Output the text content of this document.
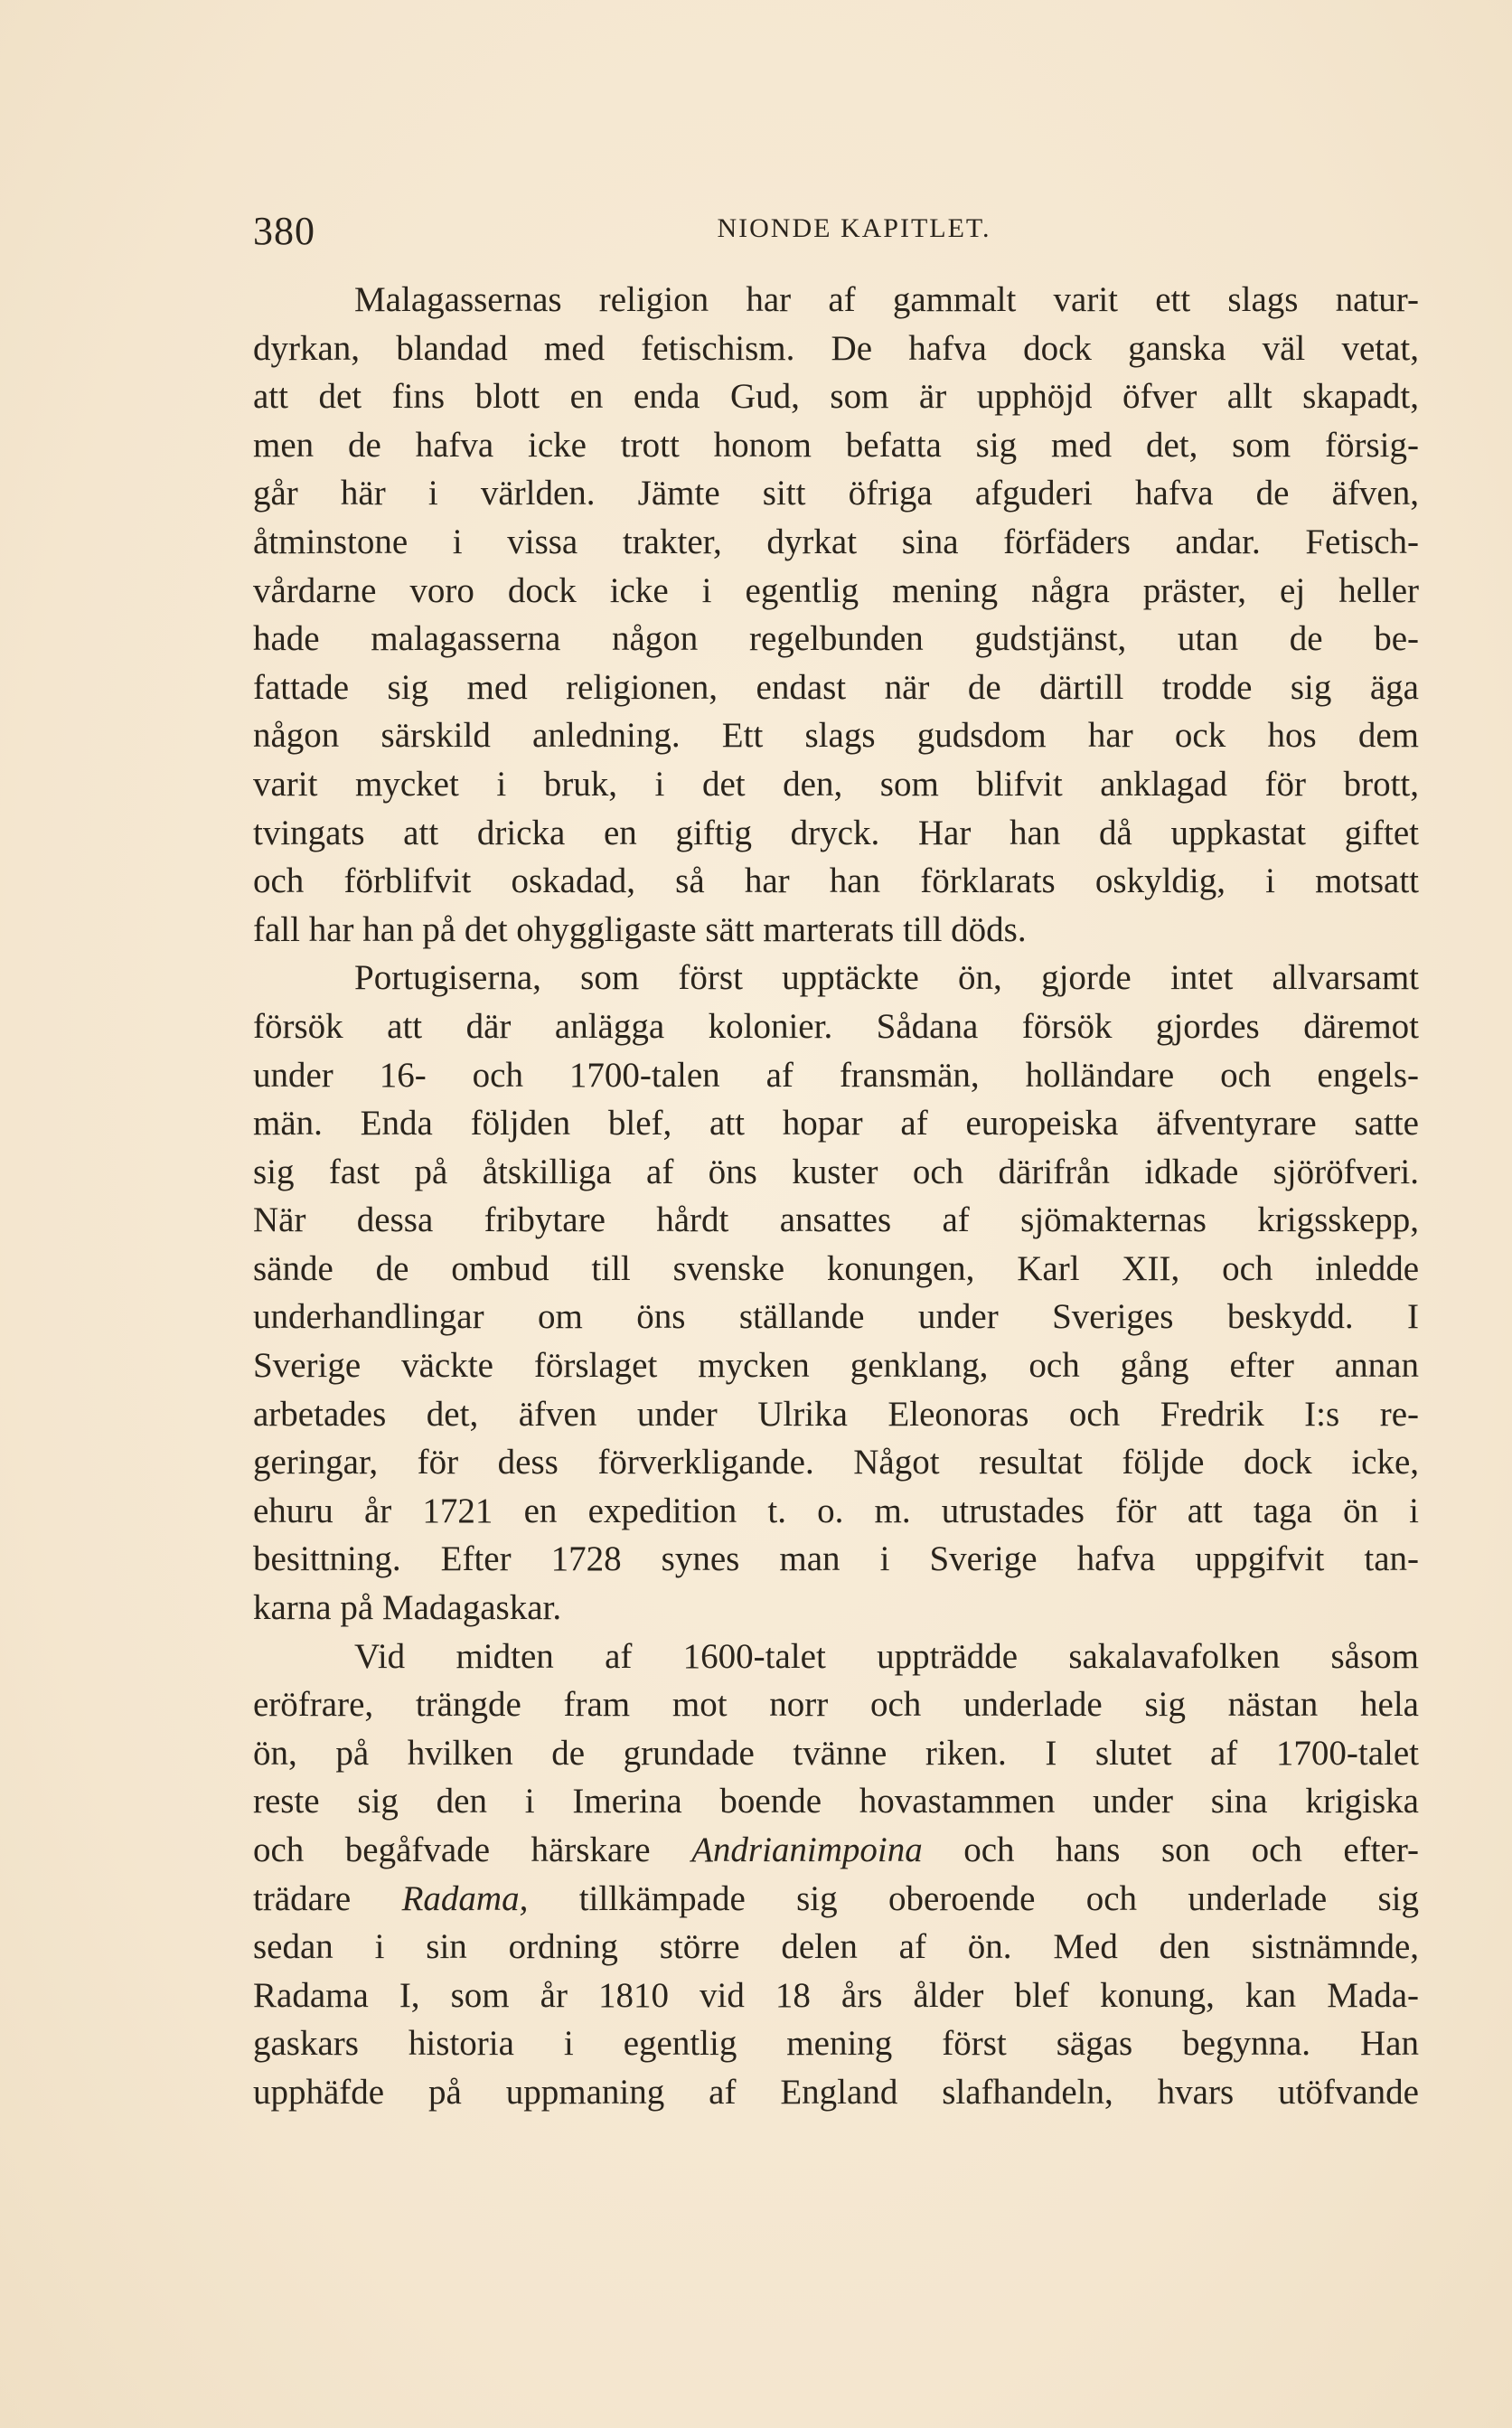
380	NIONDE KAPITLET.
Malagassernas religion har af gammalt varit ett slags natur-
dyrkan, blandad med fetischism. De hafva dock ganska väl vetat,
att det fins blott en enda Gud, som är upphöjd öfver allt skapadt,
men de hafva icke trott honom befatta sig med det, som försig-
går här i världen. Jämte sitt öfriga afguderi hafva de äfven,
åtminstone i vissa trakter, dyrkat sina förfäders andar. Fetisch-
vårdarne voro dock icke i egentlig mening några präster, ej heller
hade malagasserna någon regelbunden gudstjänst, utan de be-
fattade sig med religionen, endast när de därtill trodde sig äga
någon särskild anledning. Ett slags gudsdom har ock hos dem
varit mycket i bruk, i det den, som blifvit anklagad för brott,
tvingats att dricka en giftig dryck. Har han då uppkastat giftet
och förblifvit oskadad, så har han förklarats oskyldig, i motsatt
fall har han på det ohyggligaste sätt marterats till döds.
Portugiserna, som först upptäckte ön, gjorde intet allvarsamt
försök att där anlägga kolonier. Sådana försök gjordes däremot
under 16- och 1700-talen af fransmän, holländare och engels-
män. Enda följden blef, att hopar af europeiska äfventyrare satte
sig fast på åtskilliga af öns kuster och därifrån idkade sjöröfveri.
När dessa fribytare hårdt ansattes af sjömakternas krigsskepp,
sände de ombud till svenske konungen, Karl XII, och inledde
underhandlingar om öns ställande under Sveriges beskydd. I
Sverige väckte förslaget mycken genklang, och gång efter annan
arbetades det, äfven under Ulrika Eleonoras och Fredrik I:s re-
geringar, för dess förverkligande. Något resultat följde dock icke,
ehuru år 1721 en expedition t. o. m. utrustades för att taga ön i
besittning. Efter 1728 synes man i Sverige hafva uppgifvit tan-
karna på Madagaskar.
Vid midten af 1600-talet uppträdde sakalavafolken såsom
eröfrare, trängde fram mot norr och underlade sig nästan hela
ön, på hvilken de grundade tvänne riken. I slutet af 1700-talet
reste sig den i Imerina boende hovastammen under sina krigiska
och begåfvade härskare Andrianimpoina och hans son och efter-
trädare Radama, tillkämpade sig oberoende och underlade sig
sedan i sin ordning större delen af ön. Med den sistnämnde,
Radama I, som år 1810 vid 18 års ålder blef konung, kan Mada-
gaskars historia i egentlig mening först sägas begynna. Han
upphäfde på uppmaning af England slafhandeln, hvars utöfvande
